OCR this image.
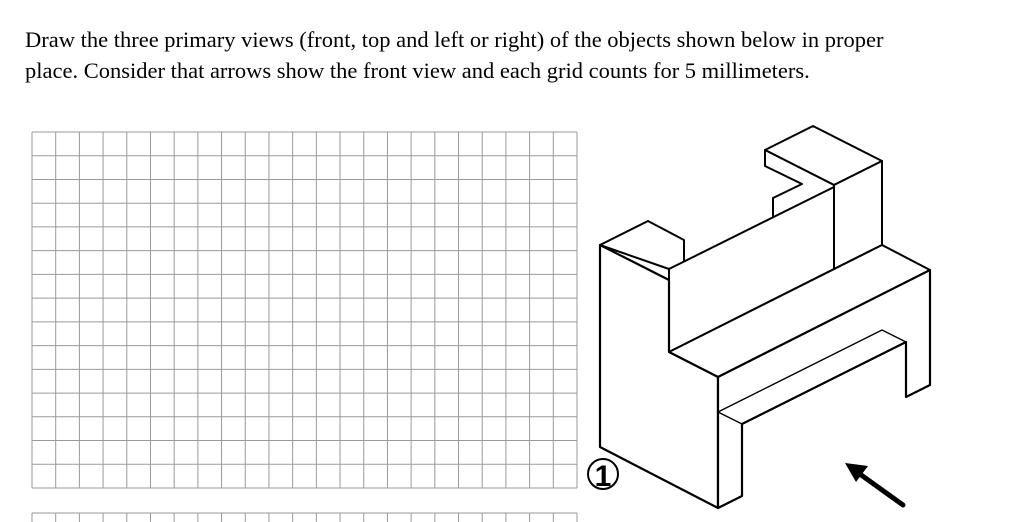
Draw the three primary views (front, top and left or right) of the objects shown below in proper
place. Consider that arrows show the front view and each grid counts for 5 millimeters.

1
